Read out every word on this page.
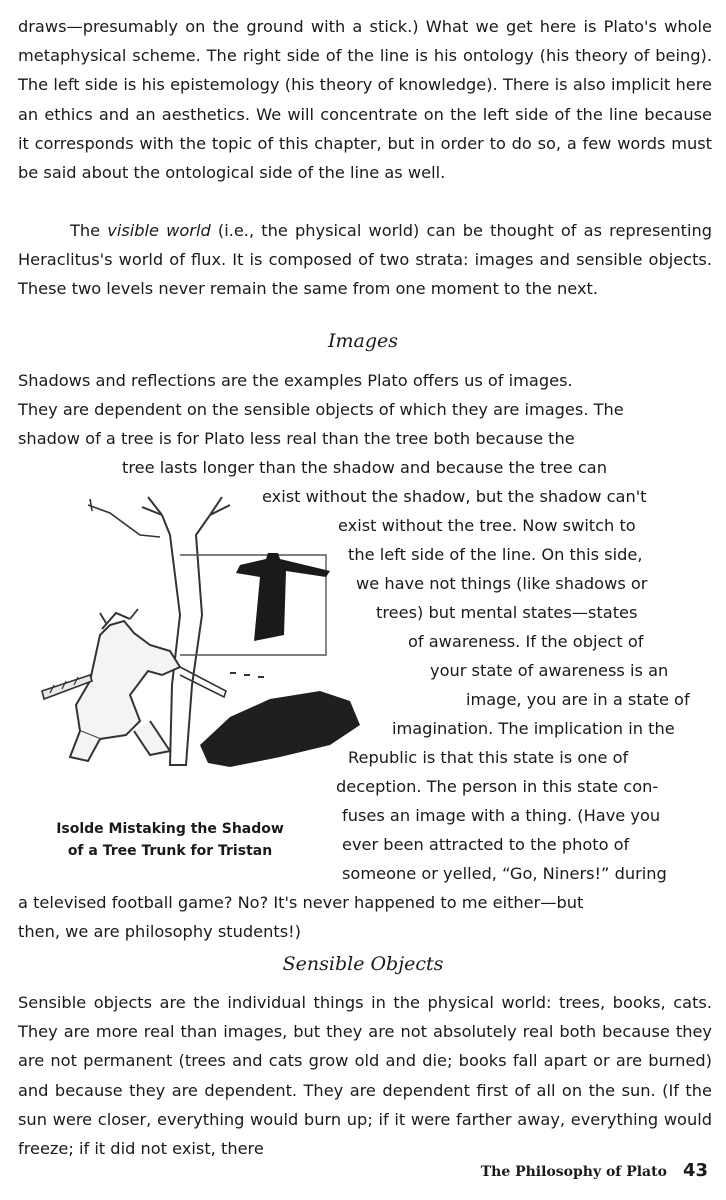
draws—presumably on the ground with a stick.) What we get here is Plato's whole metaphysical scheme. The right side of the line is his ontology (his theory of being). The left side is his epistemology (his theory of knowledge). There is also implicit here an ethics and an aesthetics. We will concentrate on the left side of the line because it corresponds with the topic of this chapter, but in order to do so, a few words must be said about the ontological side of the line as well.

The visible world (i.e., the physical world) can be thought of as representing Heraclitus's world of flux. It is composed of two strata: images and sensible objects. These two levels never remain the same from one moment to the next.

Images
Shadows and reflections are the examples Plato offers us of images.
They are dependent on the sensible objects of which they are images. The
shadow of a tree is for Plato less real than the tree both because the
tree lasts longer than the shadow and because the tree can
exist without the shadow, but the shadow can't
exist without the tree. Now switch to
the left side of the line. On this side,
we have not things (like shadows or
trees) but mental states—states
of awareness. If the object of
your state of awareness is an
image, you are in a state of
imagination. The implication in the
Republic is that this state is one of
deception. The person in this state con-
fuses an image with a thing. (Have you
ever been attracted to the photo of
someone or yelled, “Go, Niners!” during
a televised football game? No? It's never happened to me either—but
then, we are philosophy students!)
Isolde Mistaking the Shadow
of a Tree Trunk for Tristan
Sensible Objects

Sensible objects are the individual things in the physical world: trees, books, cats. They are more real than images, but they are not absolutely real both because they are not permanent (trees and cats grow old and die; books fall apart or are burned) and because they are dependent. They are dependent first of all on the sun. (If the sun were closer, everything would burn up; if it were farther away, everything would freeze; if it did not exist, there

The Philosophy of Plato 43
